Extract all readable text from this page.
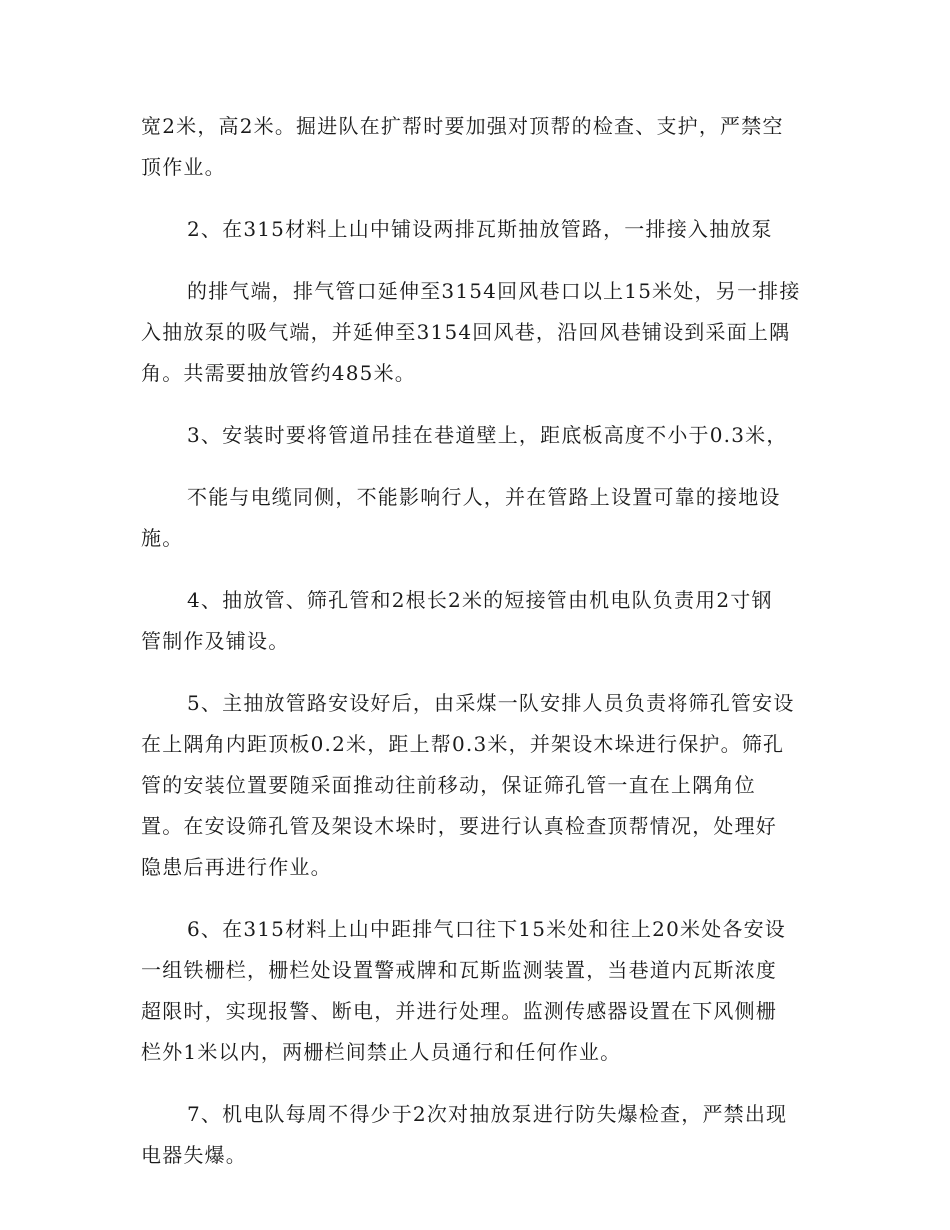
宽2米，高2米。掘进队在扩帮时要加强对顶帮的检查、支护，严禁空
顶作业。
2、在315材料上山中铺设两排瓦斯抽放管路，一排接入抽放泵
的排气端，排气管口延伸至3154回风巷口以上15米处，另一排接
入抽放泵的吸气端，并延伸至3154回风巷，沿回风巷铺设到采面上隅
角。共需要抽放管约485米。
3、安装时要将管道吊挂在巷道壁上，距底板高度不小于0.3米，
不能与电缆同侧，不能影响行人，并在管路上设置可靠的接地设
施。
4、抽放管、筛孔管和2根长2米的短接管由机电队负责用2寸钢
管制作及铺设。
5、主抽放管路安设好后，由采煤一队安排人员负责将筛孔管安设
在上隅角内距顶板0.2米，距上帮0.3米，并架设木垛进行保护。筛孔
管的安装位置要随采面推动往前移动，保证筛孔管一直在上隅角位
置。在安设筛孔管及架设木垛时，要进行认真检查顶帮情况，处理好
隐患后再进行作业。
6、在315材料上山中距排气口往下15米处和往上20米处各安设
一组铁栅栏，栅栏处设置警戒牌和瓦斯监测装置，当巷道内瓦斯浓度
超限时，实现报警、断电，并进行处理。监测传感器设置在下风侧栅
栏外1米以内，两栅栏间禁止人员通行和任何作业。
7、机电队每周不得少于2次对抽放泵进行防失爆检查，严禁出现
电器失爆。
